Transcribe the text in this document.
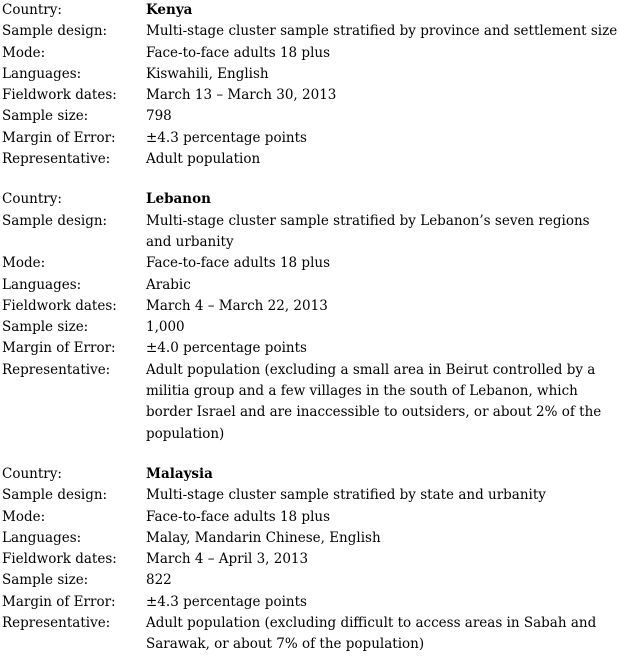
Country:	Kenya
Sample design:	Multi-stage cluster sample stratified by province and settlement size
Mode:	Face-to-face adults 18 plus
Languages:	Kiswahili, English
Fieldwork dates:	March 13 – March 30, 2013
Sample size:	798
Margin of Error:	±4.3 percentage points
Representative:	Adult population
Country:	Lebanon
Sample design:	Multi-stage cluster sample stratified by Lebanon’s seven regions and urbanity
Mode:	Face-to-face adults 18 plus
Languages:	Arabic
Fieldwork dates:	March 4 – March 22, 2013
Sample size:	1,000
Margin of Error:	±4.0 percentage points
Representative:	Adult population (excluding a small area in Beirut controlled by a militia group and a few villages in the south of Lebanon, which border Israel and are inaccessible to outsiders, or about 2% of the population)
Country:	Malaysia
Sample design:	Multi-stage cluster sample stratified by state and urbanity
Mode:	Face-to-face adults 18 plus
Languages:	Malay, Mandarin Chinese, English
Fieldwork dates:	March 4 – April 3, 2013
Sample size:	822
Margin of Error:	±4.3 percentage points
Representative:	Adult population (excluding difficult to access areas in Sabah and Sarawak, or about 7% of the population)
